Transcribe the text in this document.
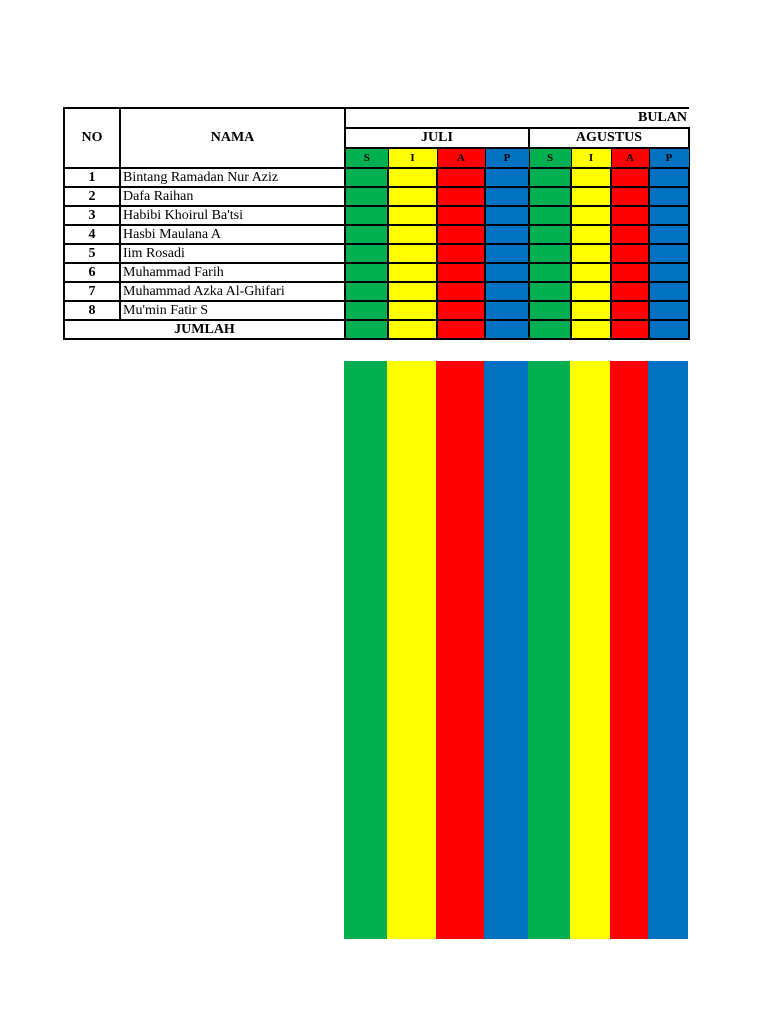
NO	NAMA	BULAN							
		JULI				AGUSTUS			
		S	I	A	P	S	I	A	P
1	Bintang Ramadan Nur Aziz								
2	Dafa Raihan								
3	Habibi Khoirul Ba'tsi								
4	Hasbi Maulana A								
5	Iim Rosadi								
6	Muhammad Farih								
7	Muhammad Azka Al-Ghifari								
8	Mu'min Fatir S								
JUMLAH									
